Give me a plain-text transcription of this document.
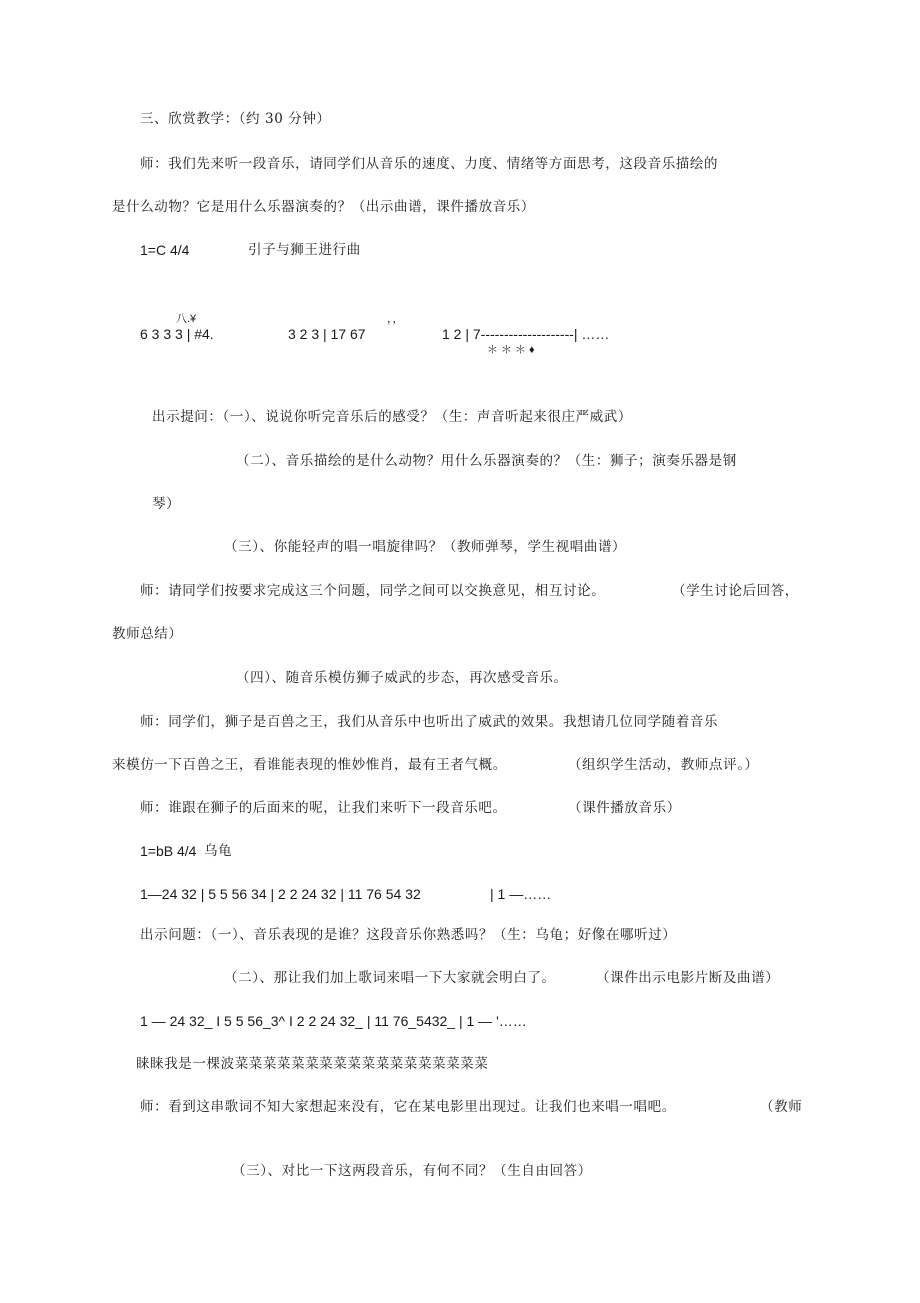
三、欣赏教学：（约 30 分钟）
师：我们先来听一段音乐，请同学们从音乐的速度、力度、情绪等方面思考，这段音乐描绘的
是什么动物？它是用什么乐器演奏的？（出示曲谱，课件播放音乐）
1=C 4/4	引子与狮王进行曲
八.¥	，，
6 3 3 3 | #4.	3 2 3 | 17 67	1 2 | 7--------------------| ……
＊＊＊♦
出示提问：（一）、说说你听完音乐后的感受？（生：声音听起来很庄严威武）
（二）、音乐描绘的是什么动物？用什么乐器演奏的？（生：狮子；演奏乐器是钢
琴）
（三）、你能轻声的唱一唱旋律吗？（教师弹琴，学生视唱曲谱）
师：请同学们按要求完成这三个问题，同学之间可以交换意见，相互讨论。	（学生讨论后回答，
教师总结）
（四）、随音乐模仿狮子威武的步态，再次感受音乐。
师：同学们，狮子是百兽之王，我们从音乐中也听出了威武的效果。我想请几位同学随着音乐
来模仿一下百兽之王，看谁能表现的惟妙惟肖，最有王者气概。	（组织学生活动，教师点评。）
师：谁跟在狮子的后面来的呢，让我们来听下一段音乐吧。	（课件播放音乐）
1=bB 4/4 乌龟
1—24 32 | 5 5 56 34 | 2 2 24 32 | 11 76 54 32	| 1 —……
出示问题：（一）、音乐表现的是谁？这段音乐你熟悉吗？（生：乌龟；好像在哪听过）
（二）、那让我们加上歌词来唱一下大家就会明白了。	（课件出示电影片断及曲谱）
1 — 24 32_ I 5 5 56_3^ I 2 2 24 32_ | 11 76_5432_ | 1 — '……
睐睐我是一棵波菜菜菜菜菜菜菜菜菜菜菜菜菜菜菜菜菜菜
师：看到这串歌词不知大家想起来没有，它在某电影里出现过。让我们也来唱一唱吧。	（教师
（三）、对比一下这两段音乐，有何不同？（生自由回答）
